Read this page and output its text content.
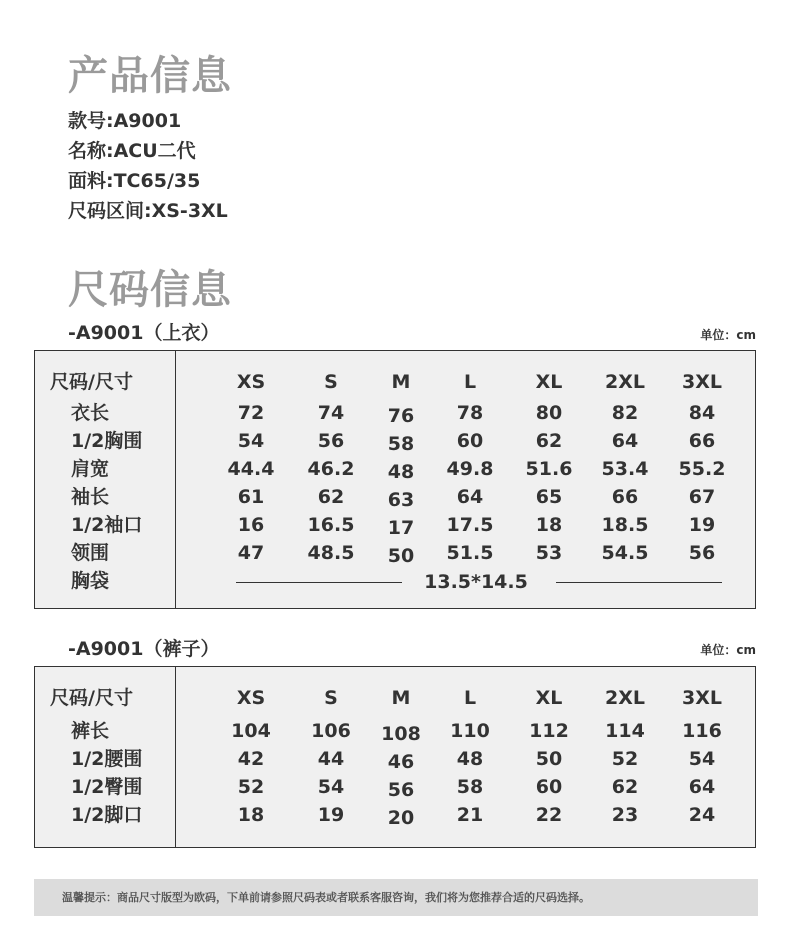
产品信息
款号:A9001
名称:ACU二代
面料:TC65/35
尺码区间:XS-3XL
尺码信息
-A9001（上衣）	单位：cm
尺码/尺寸	XS	S	M	L	XL 2XL 3XL
衣长	72	74 76 78	80	82	84
1/2胸围	54	56 58 60	62	64	66
肩宽	44.4 46.2 48 49.8 51.6 53.4 55.2
袖长	61	62 63 64	65	66	67
1/2袖口	16 16.5 17 17.5 18 18.5 19
领围	47 48.5 50 51.5 53 54.5 56
胸袋	13.5*14.5
-A9001（裤子）	单位：cm
尺码/尺寸	XS	S	M	L	XL 2XL 3XL
裤长	104 106 108 110 112 114 116
1/2腰围	42	44 46 48	50	52	54
1/2臀围	52	54 56 58	60	62	64
1/2脚口	18	19 20 21	22	23	24
温馨提示：商品尺寸版型为欧码，下单前请参照尺码表或者联系客服咨询，我们将为您推荐合适的尺码选择。
